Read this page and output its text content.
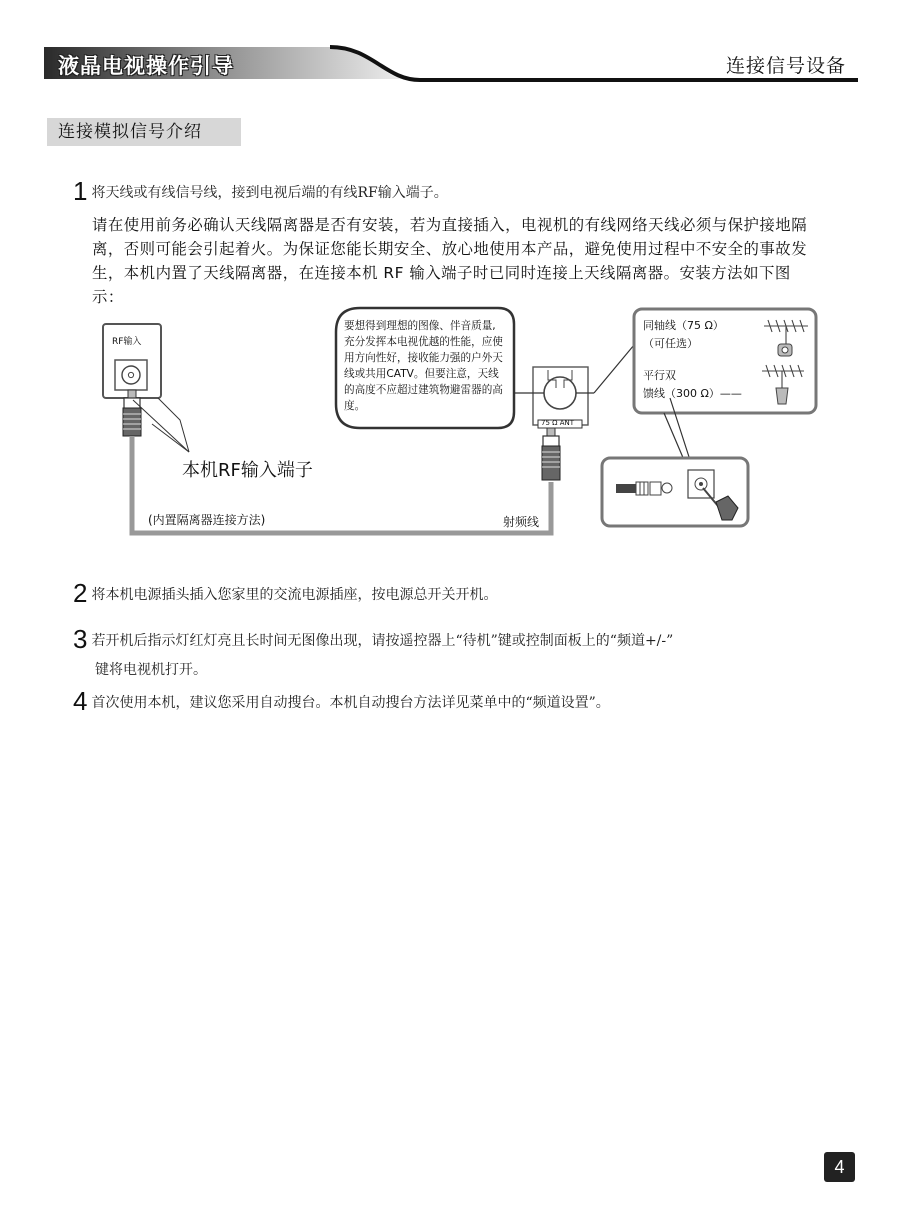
液晶电视操作引导	连接信号设备
连接模拟信号介绍
1 将天线或有线信号线，接到电视后端的有线RF输入端子。
请在使用前务必确认天线隔离器是否有安装，若为直接插入，电视机的有线网络天线必须与保护接地隔离，否则可能会引起着火。为保证您能长期安全、放心地使用本产品，避免使用过程中不安全的事故发生，本机内置了天线隔离器，在连接本机 RF 输入端子时已同时连接上天线隔离器。安装方法如下图示：
RF输入
本机RF输入端子
(内置隔离器连接方法)	射频线
75 Ω ANT
要想得到理想的图像、伴音质量,充分发挥本电视优越的性能，应使用方向性好，接收能力强的户外天线或共用CATV。但要注意，天线的高度不应超过建筑物避雷器的高度。
同轴线（75 Ω）
（可任选）
平行双
馈线（300 Ω）——
2 将本机电源插头插入您家里的交流电源插座，按电源总开关开机。
3 若开机后指示灯红灯亮且长时间无图像出现，请按遥控器上“待机”键或控制面板上的“频道+/-”
键将电视机打开。
4 首次使用本机，建议您采用自动搜台。本机自动搜台方法详见菜单中的“频道设置”。
4
